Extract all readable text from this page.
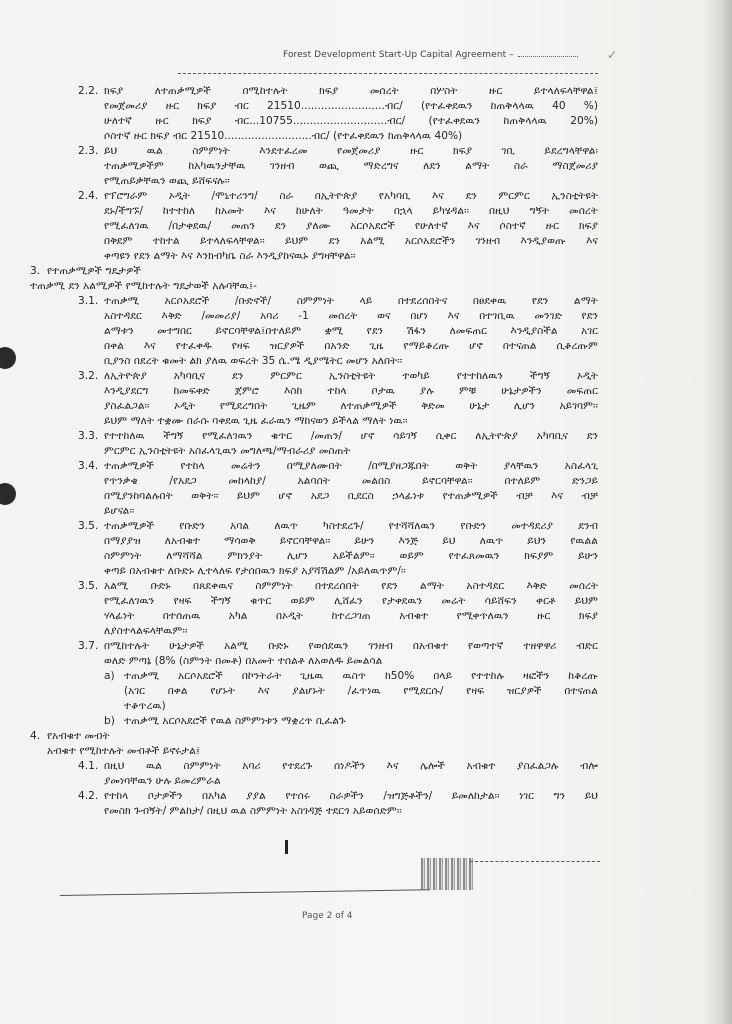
Forest Development Start-Up Capital Agreement –	✓
2.2. ክፍያ ለተጠቃሚዎች በሚከተሉት ክፍያ መሰረት በሦስት ዙር ይተላለፍላቸዋል፤
የመጀመሪያ ዙር ክፍያ ብር 21510.........................ብር/ (የተፈቀደዉን ከጠቅላላዉ 40 %)
ሁለተኛ ዙር ክፍያ ብር...10755............................ብር/ (የተፈቀደዉን ከጠቅላላዉ 20%)
ሶስተኛ ዙር ክፍያ ብር 21510..........................ብር/ (የተፈቀደዉን ከጠቅላላዉ 40%)
2.3. ይህ ዉል ስምምነት እንደተፈረመ የመጀመሪያ ዙር ክፍያ ገቢ ይደረግላቸዋል፡
ተጠቃሚዎችም ከአካዉንታቸዉ ገንዘብ ወጪ ማድረግና ለደን ልማት ስራ ማስጀመሪያ
የሚጠይቃቸዉን ወጪ ይሸፍናሉ፡፡
2.4. የፕሮግራም ኦዲት /ሞኒተሪንግ/ ስራ በኢትዮጵያ የአካባቢ እና ደን ምርምር ኢንስቲትዩት
ደኑ/ችግኙ/ ከተተከለ ከአመት እና ከሁለት ዓመታት በኋላ ይካሄዳል፡፡ በዚህ ግኝት መሰረት
የሚፈለገዉ /በታቀደዉ/ መጠን ደን ያለሙ አርሶአደሮች የሁለተኛ እና ሶስተኛ ዙር ክፍያ
በቅደም ተከተል ይተላለፍላቸዋል፡፡ ይህም ደን አልሚ አርሶአደሮችን ገንዘብ እንዲያወጡ እና
ቀጣዩን የደን ልማት እና እንክብካቤ ስራ እንዲያከናዉኑ ያግዛቸዋል፡፡
3. የተጠቃሚዎች ግዴታዎች
ተጠቃሚ ደን አልሚዎች የሚከተሉት ግዴታወች አሉባቸዉ፤-
3.1. ተጠቃሚ አርሶአደሮች /ቡድኖች/ ስምምነት ላይ በተደረሰበትና በፀደቀዉ የደን ልማት
አስተዳደር እቅድ /መመሪያ/ አባሪ -1 መሰረት ወና በሆነ እና በተገቢዉ መንገድ የደን
ልማቱን መተግበር ይኖርባቸዋል፤በተለይም ቋሚ የደን ሽፋን ለመፍጠር እንዲያስችል አገር
በቀል እና የተፈቀዱ የዛፍ ዝርያዎች በአንድ ጊዜ የማይቆረጡ ሆኖ በተናጠል ሲቆረጡም
ቢያንስ በደረት ቁመት ልክ ያለዉ ወፍረት 35 ሴ.ሜ ዲያሜትር መሆን አለበት፡፡
3.2. ለኢትዮጵያ አካባቢና ደን ምርምር ኢንስቲትዩት ተወካይ የተተከለዉን ችግኝ ኦዲት
እንዲያደርግ ከመፍቀድ ጀምሮ እስከ ተከላ ቦታዉ ያሉ ምቹ ሁኔታዎችን መፍጠር
ያስፈልጋል፡፡ ኦዲት የሚደረግበት ጊዜም ለተጠቃሚዎች ቅድመ ሁኔታ ሊሆን አይገባም፡፡
ይህም ማለት ተቋሙ በራሱ ባቀደዉ ጊዜ ፈራዉን ማከናወን ይችላል ማለት ነዉ፡፡
3.3. የተተከለዉ ችግኝ የሚፈለገዉን ቁጥር /መጠን/ ሆኖ ሳይገኝ ሲቀር ለኢትዮጵያ አካባቢና ደን
ምርምር ኢንስቲትዩት አስፈላጊዉን መግለጫ/ማብራሪያ መስጠት
3.4. ተጠቃሚዎች የተከላ መሬትን በሚያለሙበት /በሚያዘጋጁበት ወቅት ያላቸዉን አስፈላጊ
የጥንቃቄ /የአደጋ መከላከያ/ አልባሰት መልበስ ይኖርባቸዋል፡፡ በተለይም ድንጋይ
በሚያንከባልሉበት ወቅት፡፡ ይህም ሆኖ አደጋ ቢደርስ ኃላፊነቱ የተጠቃሚዎች ብቻ እና ብቻ
ይሆናል፡፡
3.5. ተጠቃሚዎች የቡድን አባል ለዉጥ ካስተደረጉ/ የተሻሻለዉን የቡድን መተዳደሪያ ደንብ
በማያያዝ ለአብቁተ ማሳወቅ ይኖርባቸዋል፡፡ ይሁን እንጅ ይህ ለዉጥ ይህን የዉልል
ስምምነት ለማሻሻል ምክንያት ሊሆን አይችልም፡፡ ወይም የተፈጸመዉን ክፍያም ይሁን
ቀጣይ በአብቁተ ለቡድኑ ሊተላለፍ የታሰበዉን ክፍያ አያሻሽልም /አይለዉጥም/፡፡
3.5. አልሚ ቡድኑ በጸደቀዉና ስምምነት በተደረሰበት የደን ልማት አስተዳደር እቅድ መሰረት
የሚፈለገዉን የዛፍ ችግኝ ቁጥር ወይም ሊሸፈን የታቀደዉን መሬት ሳይሸፍን ቀርቶ ይህም
ሃላፊነት በተሰጠዉ አካል በኦዲት ከተረጋገጠ አብቁተ የሚቀጥለዉን ዙር ክፍያ
ለያስተላልፍላቸዉም፡፡
3.7. በሚከተሉት ሁኔታዎች አልሚ ቡድኑ የወሰደዉን ገንዘብ በአብቁተ የወጣተኛ ተዘዋዋሪ ብድር
ወለድ ምጣኔ (8% (ስምንት በመቶ) በአመት ተሰልቶ ለአወለዱ ይመልሳል
a) ተጠቃሚ አርሶአደሮች በኮንትራት ጊዜዉ ዉስጥ ከ50% በላይ የተተከሉ ዛፎችን ከቆረጡ
(አገር በቀል የሆኑት እና ያልሆኑት /ፈጥነዉ የሚደርሱ/ የዛፍ ዝርያዎች በተናጠል
ተቆጥረዉ)
b) ተጠቃሚ አርሶአደሮች የዉል ስምምነቱን ማቋረጥ ቢፈልጉ
4. የአብቁተ መብት
አብቁተ የሚከተሉት መብቶች ይኖሩታል፤
4.1. በዚህ ዉል ስምምነት አባሪ የተደረጉ ሰነዶችን እና ሌሎች አብቁተ ያስፈልጋሉ ብሎ
ያመነባቸዉን ሁሉ ይመረምራል
4.2. የተከላ ቦታዎችን በአካል ያያል የተሰሩ ስራዎችን /ዝግጅቶችን/ ይመለከታል፡፡ ነገር ግን ይህ
የመስክ ጉብኝት/ ምልከታ/ በዚህ ዉል ስምምነት አስገዳጅ ተደርጎ አይወሰድም፡፡
Page 2 of 4
